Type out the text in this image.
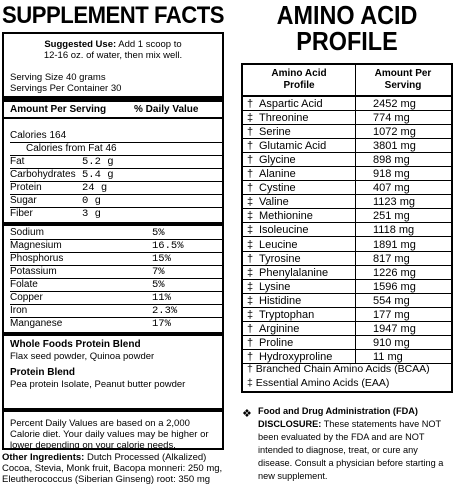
SUPPLEMENT FACTS
Suggested Use: Add 1 scoop to
12-16 oz. of water, then mix well.
Serving Size 40 grams
Servings Per Container 30
Amount Per Serving	% Daily Value
Calories 164
Calories from Fat 46
Fat	5.2 g
Carbohydrates 5.4 g
Protein	24 g
Sugar	0 g
Fiber	3 g
Sodium	5%
Magnesium	16.5%
Phosphorus	15%
Potassium	7%
Folate	5%
Copper	11%
Iron	2.3%
Manganese	17%
Whole Foods Protein Blend
Flax seed powder, Quinoa powder
Protein Blend
Pea protein Isolate, Peanut butter powder
Percent Daily Values are based on a 2,000 Calorie diet. Your daily values may be higher or lower depending on your calorie needs.
Other Ingredients: Dutch Processed (Alkalized) Cocoa, Stevia, Monk fruit, Bacopa monneri: 250 mg, Eleutherococcus (Siberian Ginseng) root: 350 mg
AMINO ACID
PROFILE
Amino Acid
Profile
Amount Per
Serving
† Aspartic Acid	2452 mg
‡ Threonine	774 mg
† Serine	1072 mg
† Glutamic Acid	3801 mg
† Glycine	898 mg
† Alanine	918 mg
† Cystine	407 mg
‡ Valine	1123 mg
‡ Methionine	251 mg
‡ Isoleucine	1118 mg
‡ Leucine	1891 mg
† Tyrosine	817 mg
‡ Phenylalanine	1226 mg
‡ Lysine	1596 mg
‡ Histidine	554 mg
‡ Tryptophan	177 mg
† Arginine	1947 mg
† Proline	910 mg
† Hydroxyproline	11 mg
† Branched Chain Amino Acids (BCAA)
‡ Essential Amino Acids (EAA)
❖ Food and Drug Administration (FDA)
DISCLOSURE: These statements have NOT been evaluated by the FDA and are NOT intended to diagnose, treat, or cure any disease. Consult a physician before starting a new supplement.
